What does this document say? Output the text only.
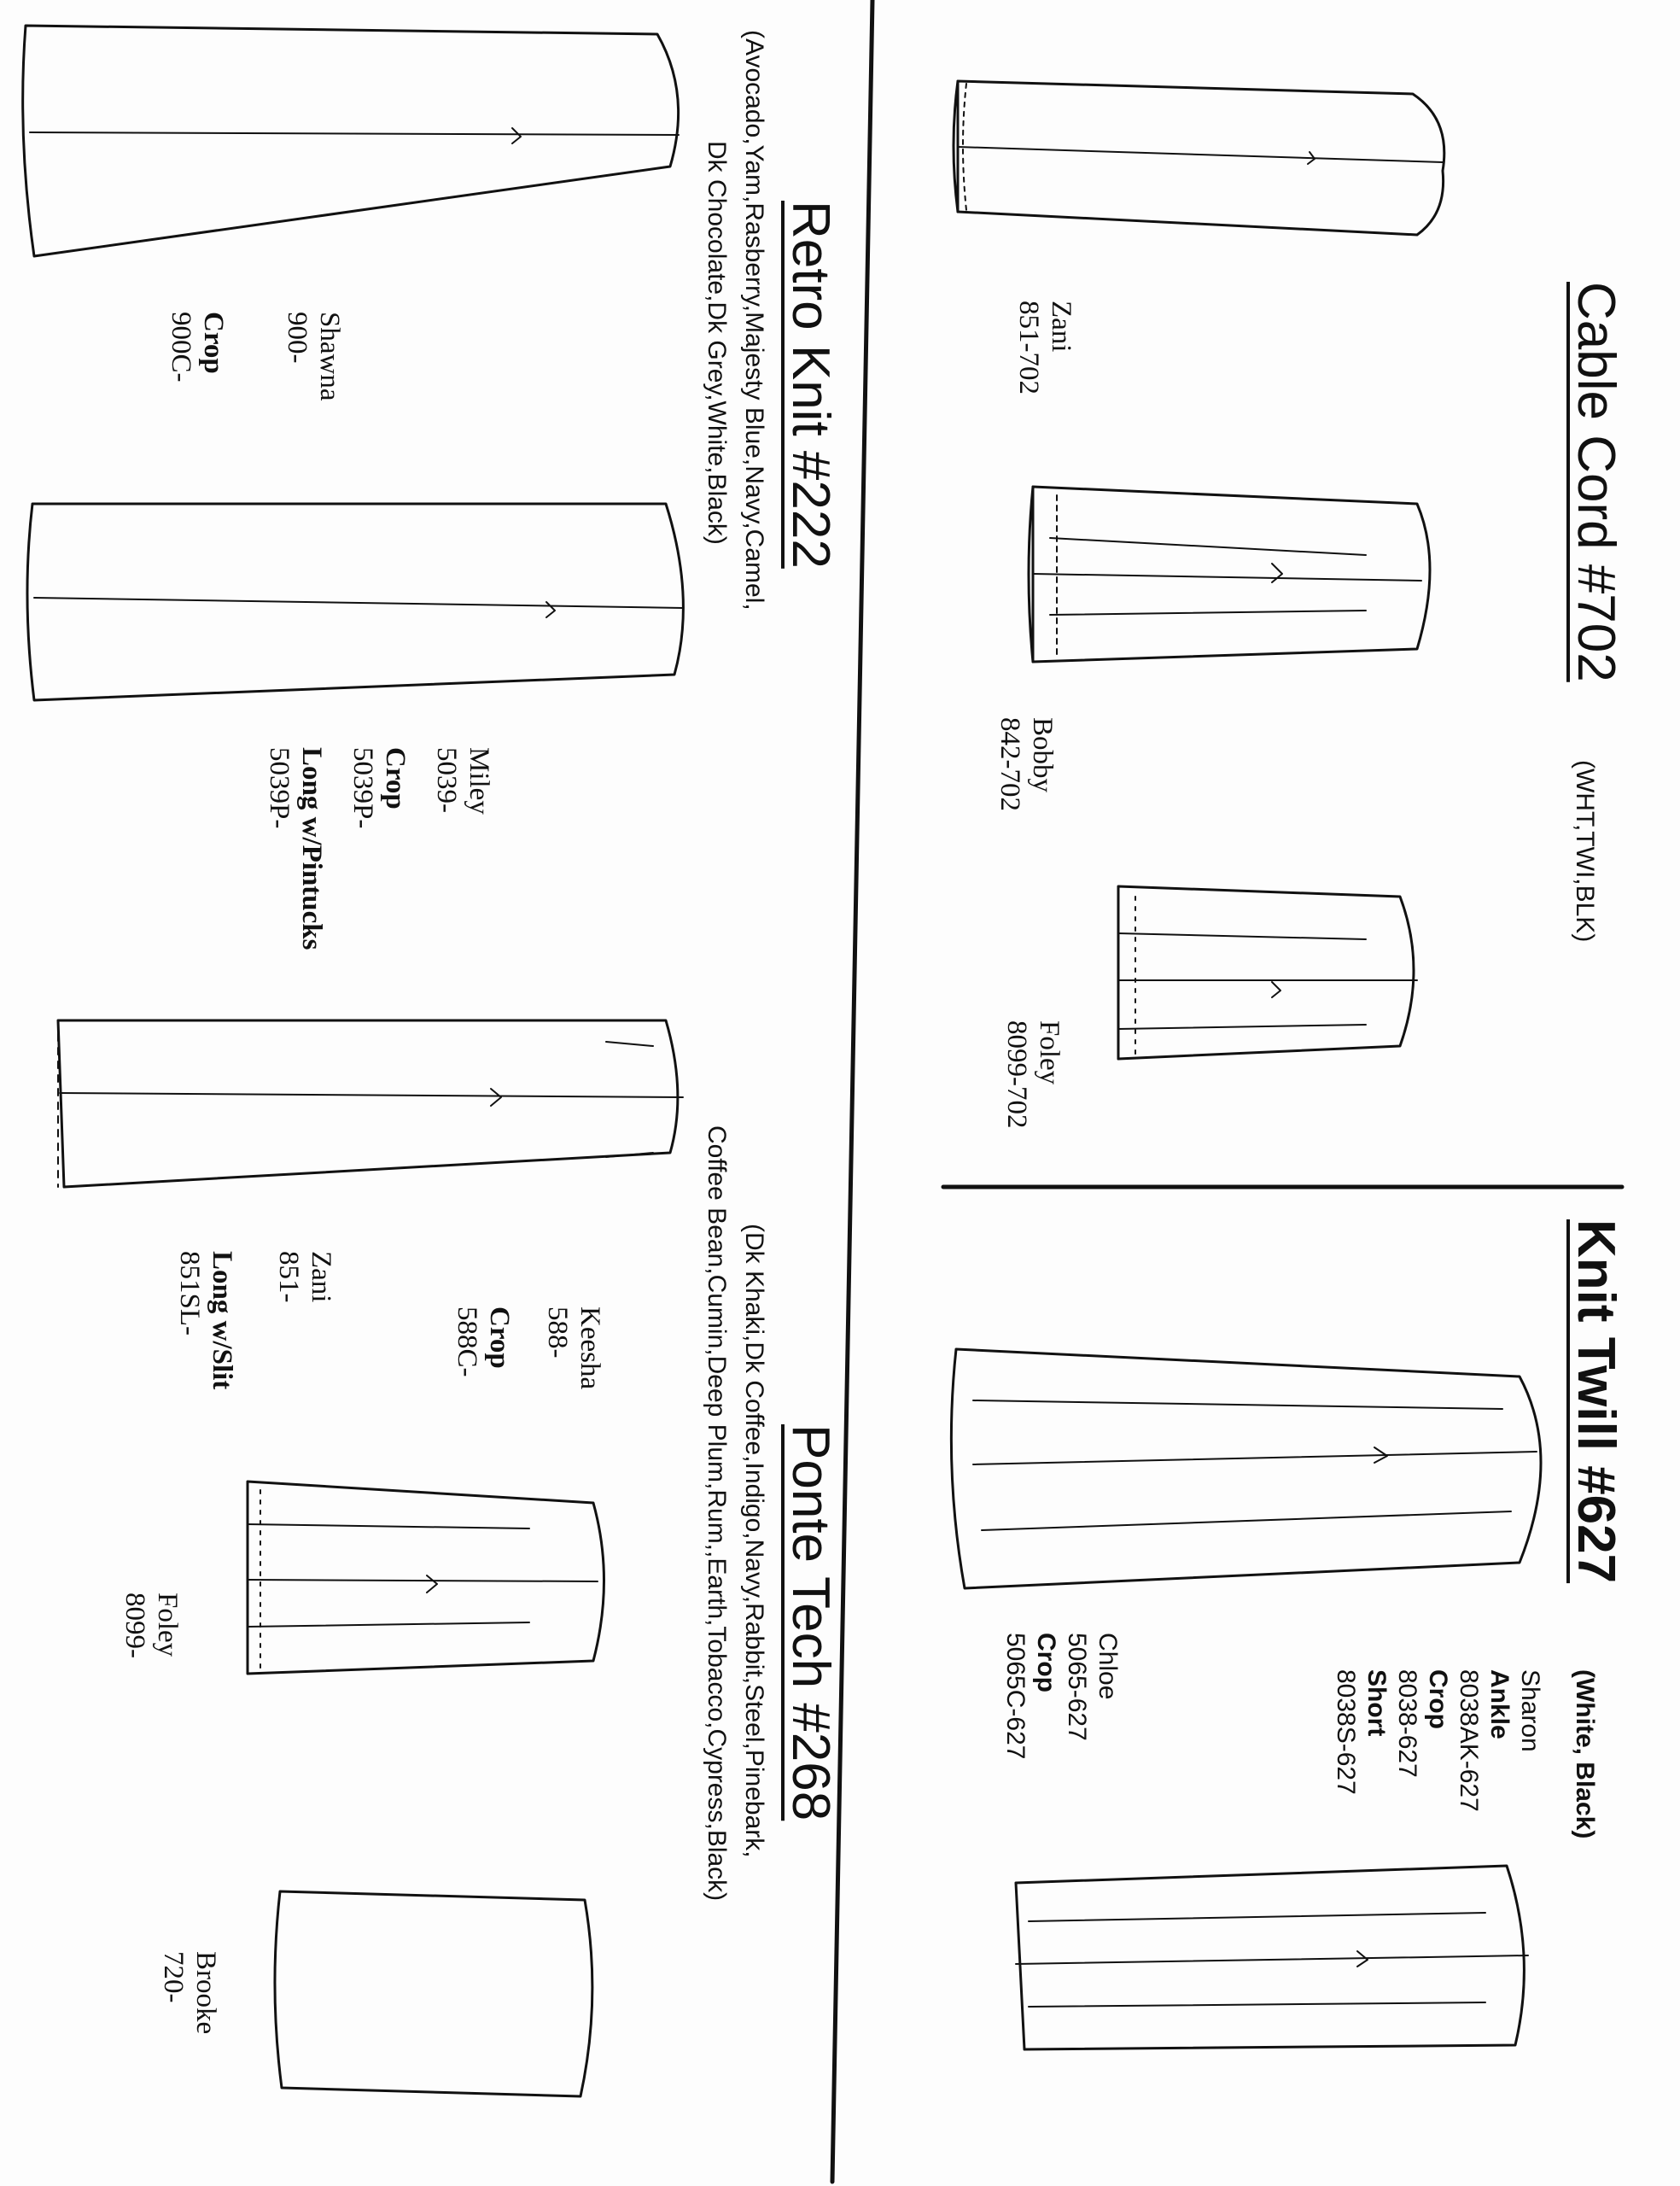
Cable Cord #702
(WHT,TWI,BLK)
Zani
851-702
Bobby
842-702
Foley
8099-702
Knit Twill #627
(White, Black)
Sharon
Ankle
8038AK-627
Crop
8038-627
Short
8038S-627
Chloe
5065-627
Crop
5065C-627
Retro Knit #222
(Avocado,Yam,Rasberry,Majesty Blue,Navy,Camel,
Dk Chocolate,Dk Grey,White,Black)
Shawna
900-
Crop
900C-
Miley
5039-
Crop
5039P-
Long w/Pintucks
5039P-
Ponte Tech #268
(Dk Khaki,Dk Coffee,Indigo,Navy,Rabbit,Steel,Pinebark,
Coffee Bean,Cumin,Deep Plum,Rum,,Earth,Tobacco,Cypress,Black)
Keesha
588-
Crop
588C-
Zani
851-
Long w/Slit
851SL-
Foley
8099-
Brooke
720-
